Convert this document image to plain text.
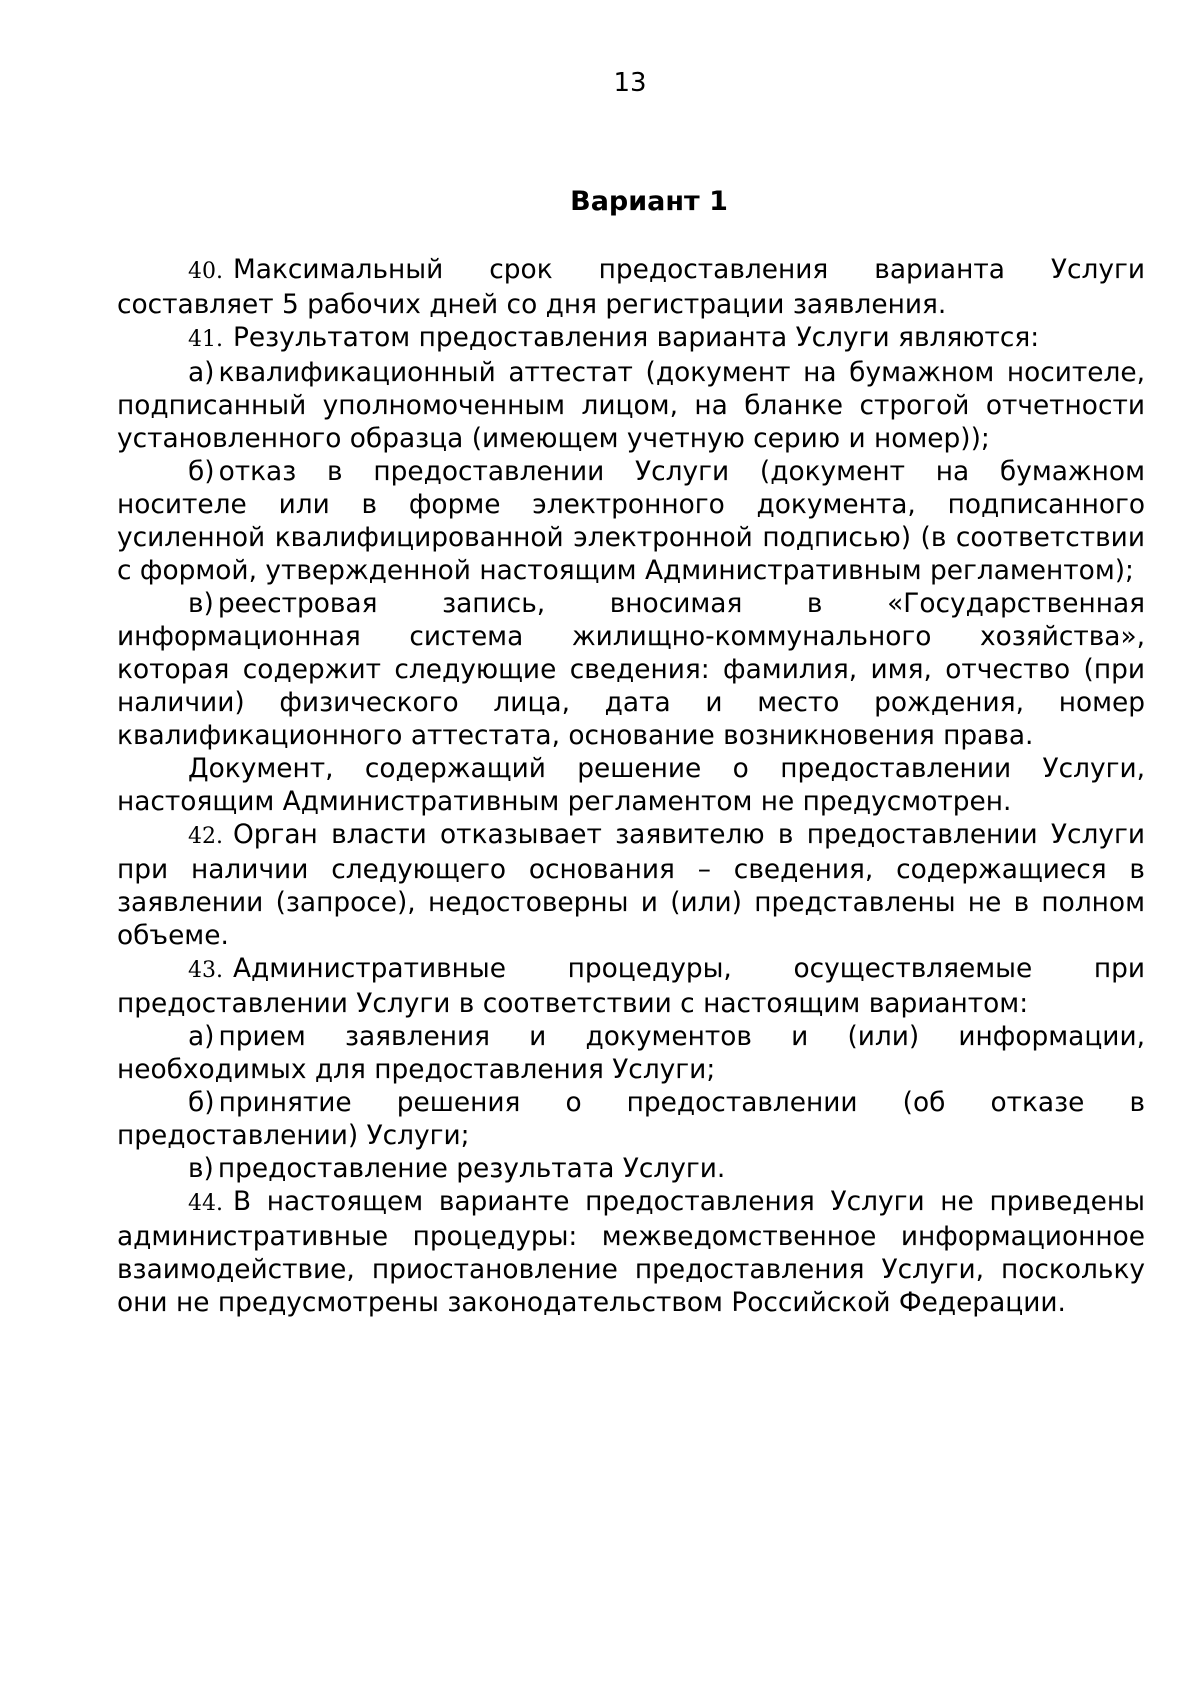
13
Вариант 1

40. Максимальный срок предоставления варианта Услуги составляет 5 рабочих дней со дня регистрации заявления.

41. Результатом предоставления варианта Услуги являются:

а) квалификационный аттестат (документ на бумажном носителе, подписанный уполномоченным лицом, на бланке строгой отчетности установленного образца (имеющем учетную серию и номер));

б) отказ в предоставлении Услуги (документ на бумажном носителе или в форме электронного документа, подписанного усиленной квалифицированной электронной подписью) (в соответствии с формой, утвержденной настоящим Административным регламентом);

в) реестровая запись, вносимая в «Государственная информационная система жилищно-коммунального хозяйства», которая содержит следующие сведения: фамилия, имя, отчество (при наличии) физического лица, дата и место рождения, номер квалификационного аттестата, основание возникновения права.

Документ, содержащий решение о предоставлении Услуги, настоящим Административным регламентом не предусмотрен.

42. Орган власти отказывает заявителю в предоставлении Услуги при наличии следующего основания – сведения, содержащиеся в заявлении (запросе), недостоверны и (или) представлены не в полном объеме.

43. Административные процедуры, осуществляемые при предоставлении Услуги в соответствии с настоящим вариантом:

а) прием заявления и документов и (или) информации, необходимых для предоставления Услуги;

б) принятие решения о предоставлении (об отказе в предоставлении) Услуги;

в) предоставление результата Услуги.

44. В настоящем варианте предоставления Услуги не приведены административные процедуры: межведомственное информационное взаимодействие, приостановление предоставления Услуги, поскольку они не предусмотрены законодательством Российской Федерации.
